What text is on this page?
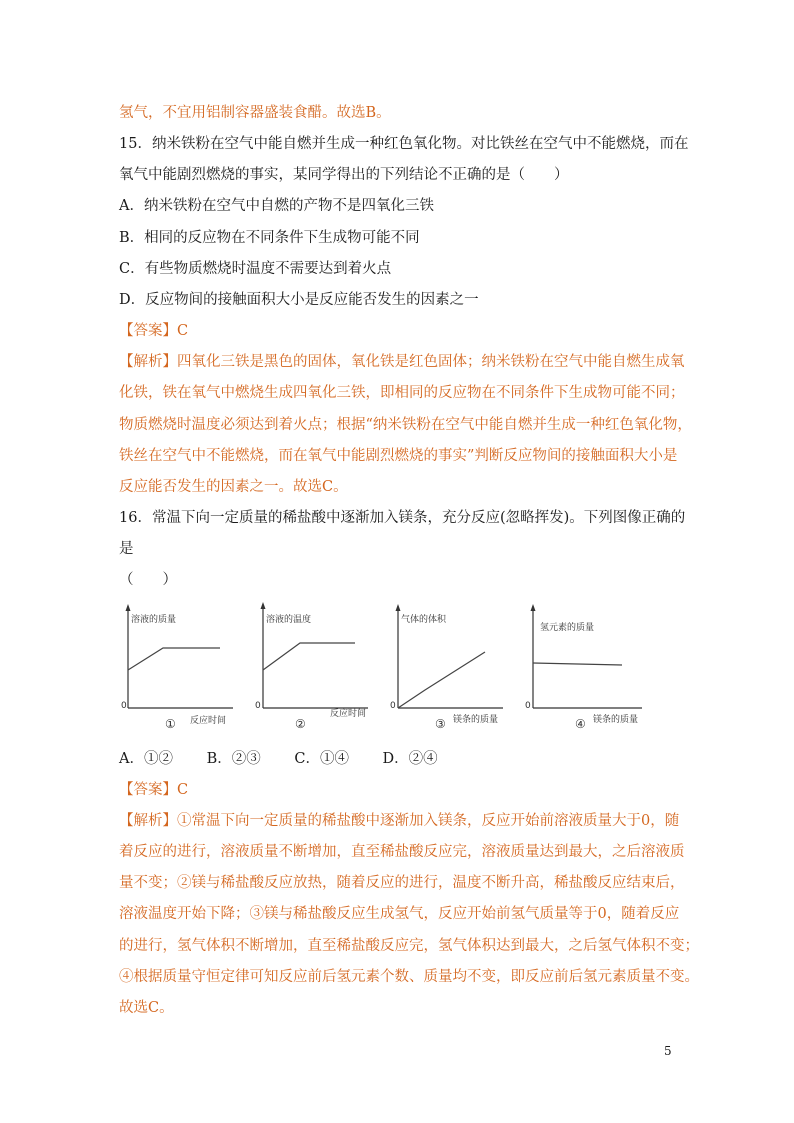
氢气，不宜用铝制容器盛装食醋。故选B。
15．纳米铁粉在空气中能自燃并生成一种红色氧化物。对比铁丝在空气中不能燃烧，而在
氧气中能剧烈燃烧的事实，某同学得出的下列结论不正确的是（　　）
A．纳米铁粉在空气中自燃的产物不是四氧化三铁
B．相同的反应物在不同条件下生成物可能不同
C．有些物质燃烧时温度不需要达到着火点
D．反应物间的接触面积大小是反应能否发生的因素之一
【答案】C
【解析】四氧化三铁是黑色的固体，氧化铁是红色固体；纳米铁粉在空气中能自燃生成氧
化铁，铁在氧气中燃烧生成四氧化三铁，即相同的反应物在不同条件下生成物可能不同；
物质燃烧时温度必须达到着火点；根据“纳米铁粉在空气中能自燃并生成一种红色氧化物，
铁丝在空气中不能燃烧，而在氧气中能剧烈燃烧的事实”判断反应物间的接触面积大小是
反应能否发生的因素之一。故选C。
16．常温下向一定质量的稀盐酸中逐渐加入镁条，充分反应(忽略挥发)。下列图像正确的
是
（　　）
溶液的质量
0
反应时间
①
溶液的温度
0
反应时间
②
气体的体积
0
镁条的质量
③
氢元素的质量
0
镁条的质量
④
A．①②　　 B．②③　　 C．①④　　 D．②④
【答案】C
【解析】①常温下向一定质量的稀盐酸中逐渐加入镁条，反应开始前溶液质量大于0，随
着反应的进行，溶液质量不断增加，直至稀盐酸反应完，溶液质量达到最大，之后溶液质
量不变；②镁与稀盐酸反应放热，随着反应的进行，温度不断升高，稀盐酸反应结束后，
溶液温度开始下降；③镁与稀盐酸反应生成氢气，反应开始前氢气质量等于0，随着反应
的进行，氢气体积不断增加，直至稀盐酸反应完，氢气体积达到最大，之后氢气体积不变；
④根据质量守恒定律可知反应前后氢元素个数、质量均不变，即反应前后氢元素质量不变。
故选C。
5
